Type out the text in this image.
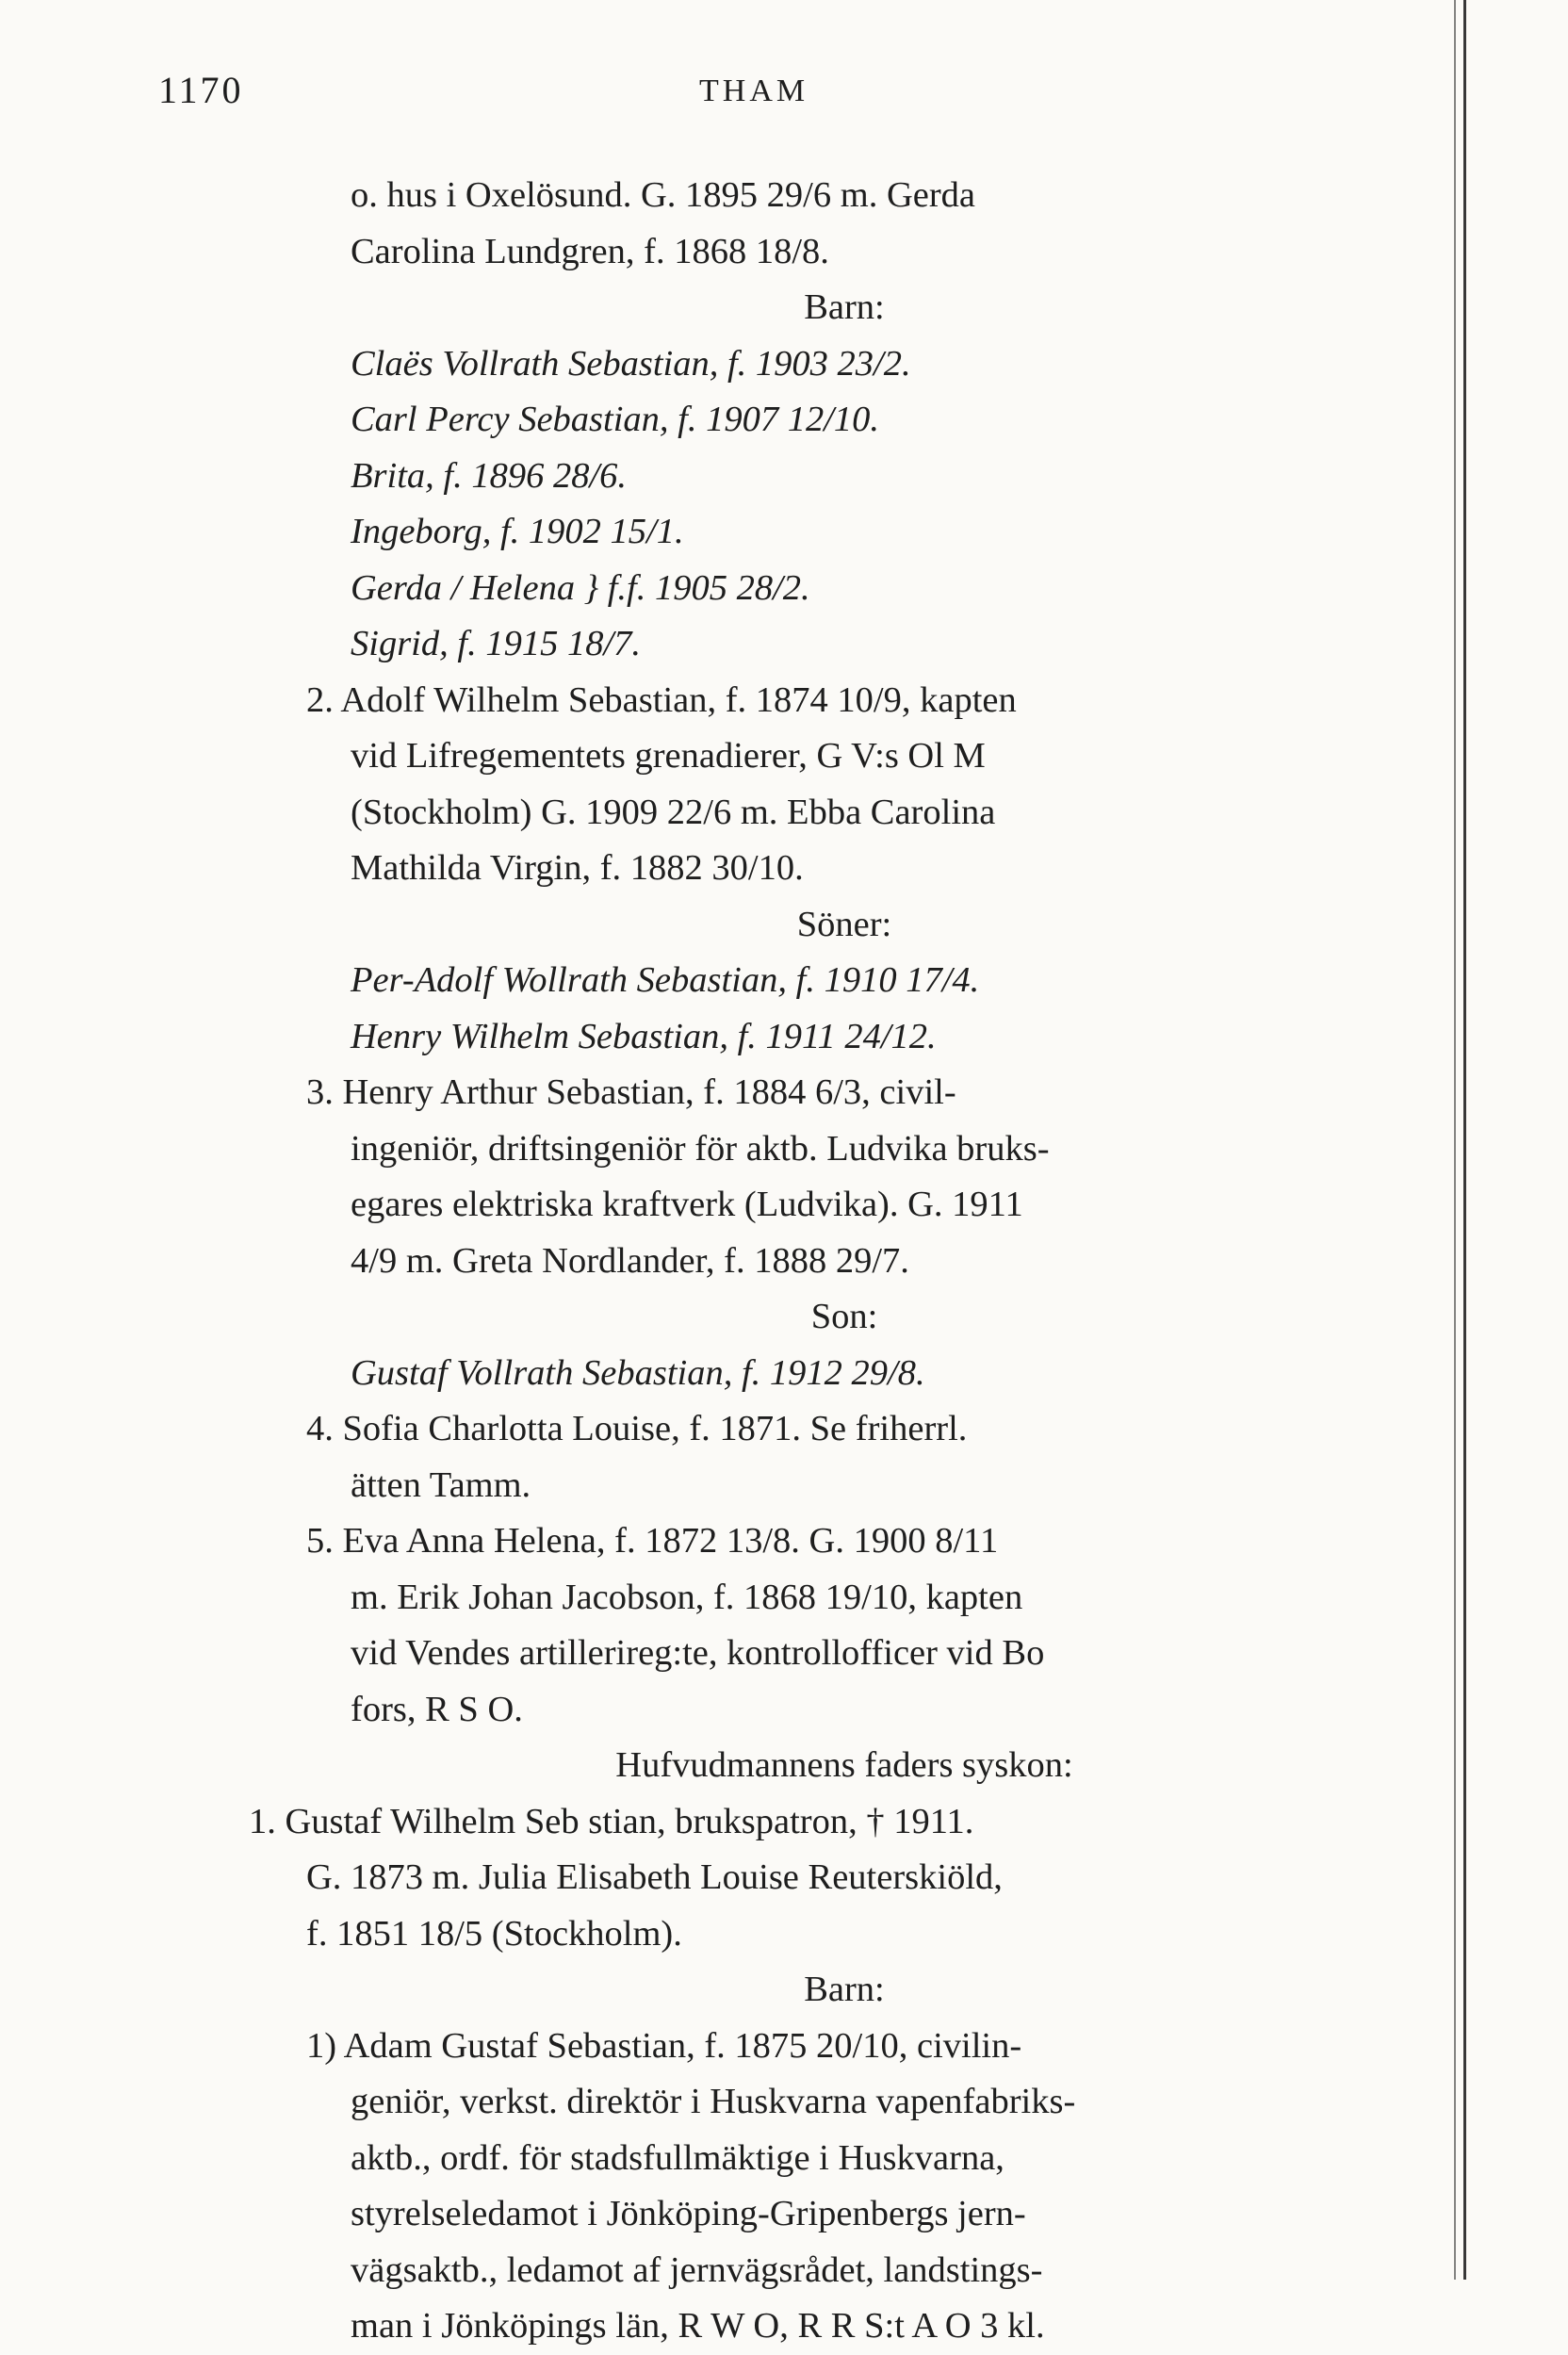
1170	THAM
o. hus i Oxelösund. G. 1895 29/6 m. Gerda
Carolina Lundgren, f. 1868 18/8.
Barn:
Claës Vollrath Sebastian, f. 1903 23/2.
Carl Percy Sebastian, f. 1907 12/10.
Brita, f. 1896 28/6.
Ingeborg, f. 1902 15/1.
Gerda / Helena } f.f. 1905 28/2.
Sigrid, f. 1915 18/7.
2. Adolf Wilhelm Sebastian, f. 1874 10/9, kapten
vid Lifregementets grenadierer, G V:s Ol M
(Stockholm) G. 1909 22/6 m. Ebba Carolina
Mathilda Virgin, f. 1882 30/10.
Söner:
Per-Adolf Wollrath Sebastian, f. 1910 17/4.
Henry Wilhelm Sebastian, f. 1911 24/12.
3. Henry Arthur Sebastian, f. 1884 6/3, civil-
ingeniör, driftsingeniör för aktb. Ludvika bruks-
egares elektriska kraftverk (Ludvika). G. 1911
4/9 m. Greta Nordlander, f. 1888 29/7.
Son:
Gustaf Vollrath Sebastian, f. 1912 29/8.
4. Sofia Charlotta Louise, f. 1871. Se friherrl.
ätten Tamm.
5. Eva Anna Helena, f. 1872 13/8. G. 1900 8/11
m. Erik Johan Jacobson, f. 1868 19/10, kapten
vid Vendes artillerireg:te, kontrollofficer vid Bo
fors, R S O.
Hufvudmannens faders syskon:
1. Gustaf Wilhelm Seb stian, brukspatron, † 1911.
G. 1873 m. Julia Elisabeth Louise Reuterskiöld,
f. 1851 18/5 (Stockholm).
Barn:
1) Adam Gustaf Sebastian, f. 1875 20/10, civilin-
geniör, verkst. direktör i Huskvarna vapenfabriks-
aktb., ordf. för stadsfullmäktige i Huskvarna,
styrelseledamot i Jönköping-Gripenbergs jern-
vägsaktb., ledamot af jernvägsrådet, landstings-
man i Jönköpings län, R W O, R R S:t A O 3 kl.
